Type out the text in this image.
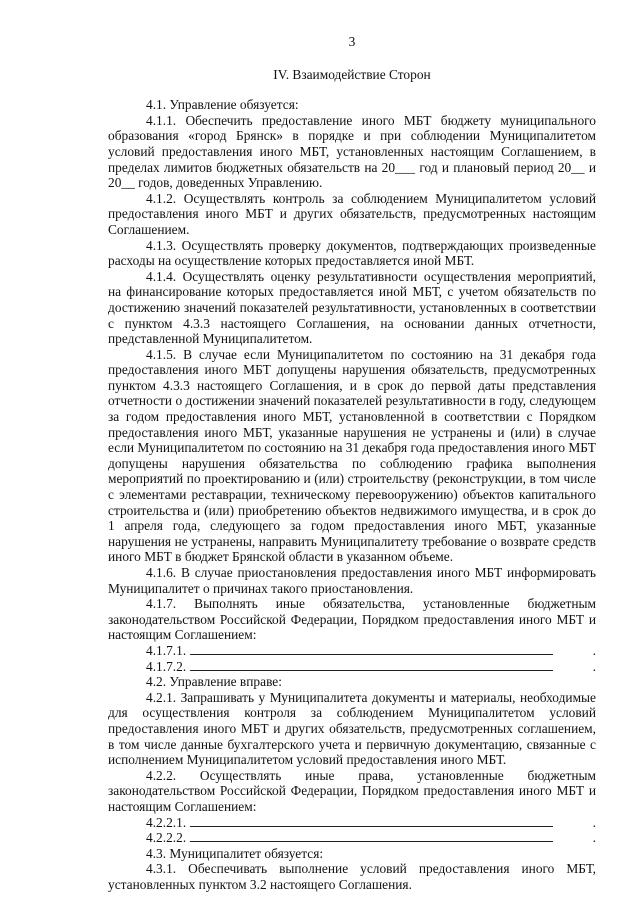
3
IV. Взаимодействие Сторон

4.1. Управление обязуется:

4.1.1. Обеспечить предоставление иного МБТ бюджету муниципального образования «город Брянск» в порядке и при соблюдении Муниципалитетом условий предоставления иного МБТ, установленных настоящим Соглашением, в пределах лимитов бюджетных обязательств на 20___ год и плановый период 20__ и 20__ годов, доведенных Управлению.

4.1.2. Осуществлять контроль за соблюдением Муниципалитетом условий предоставления иного МБТ и других обязательств, предусмотренных настоящим Соглашением.

4.1.3. Осуществлять проверку документов, подтверждающих произведенные расходы на осуществление которых предоставляется иной МБТ.

4.1.4. Осуществлять оценку результативности осуществления мероприятий, на финансирование которых предоставляется иной МБТ, с учетом обязательств по достижению значений показателей результативности, установленных в соответствии с пунктом 4.3.3 настоящего Соглашения, на основании данных отчетности, представленной Муниципалитетом.

4.1.5. В случае если Муниципалитетом по состоянию на 31 декабря года предоставления иного МБТ допущены нарушения обязательств, предусмотренных пунктом 4.3.3 настоящего Соглашения, и в срок до первой даты представления отчетности о достижении значений показателей результативности в году, следующем за годом предоставления иного МБТ, установленной в соответствии с Порядком предоставления иного МБТ, указанные нарушения не устранены и (или) в случае если Муниципалитетом по состоянию на 31 декабря года предоставления иного МБТ допущены нарушения обязательства по соблюдению графика выполнения мероприятий по проектированию и (или) строительству (реконструкции, в том числе с элементами реставрации, техническому перевооружению) объектов капитального строительства и (или) приобретению объектов недвижимого имущества, и в срок до 1 апреля года, следующего за годом предоставления иного МБТ, указанные нарушения не устранены, направить Муниципалитету требование о возврате средств иного МБТ в бюджет Брянской области в указанном объеме.

4.1.6. В случае приостановления предоставления иного МБТ информировать Муниципалитет о причинах такого приостановления.

4.1.7. Выполнять иные обязательства, установленные бюджетным законодательством Российской Федерации, Порядком предоставления иного МБТ и настоящим Соглашением:

4.1.7.1.	.

4.1.7.2.	.

4.2. Управление вправе:

4.2.1. Запрашивать у Муниципалитета документы и материалы, необходимые для осуществления контроля за соблюдением Муниципалитетом условий предоставления иного МБТ и других обязательств, предусмотренных соглашением, в том числе данные бухгалтерского учета и первичную документацию, связанные с исполнением Муниципалитетом условий предоставления иного МБТ.

4.2.2. Осуществлять иные права, установленные бюджетным законодательством Российской Федерации, Порядком предоставления иного МБТ и настоящим Соглашением:

4.2.2.1.	.

4.2.2.2.	.

4.3. Муниципалитет обязуется:

4.3.1. Обеспечивать выполнение условий предоставления иного МБТ, установленных пунктом 3.2 настоящего Соглашения.
